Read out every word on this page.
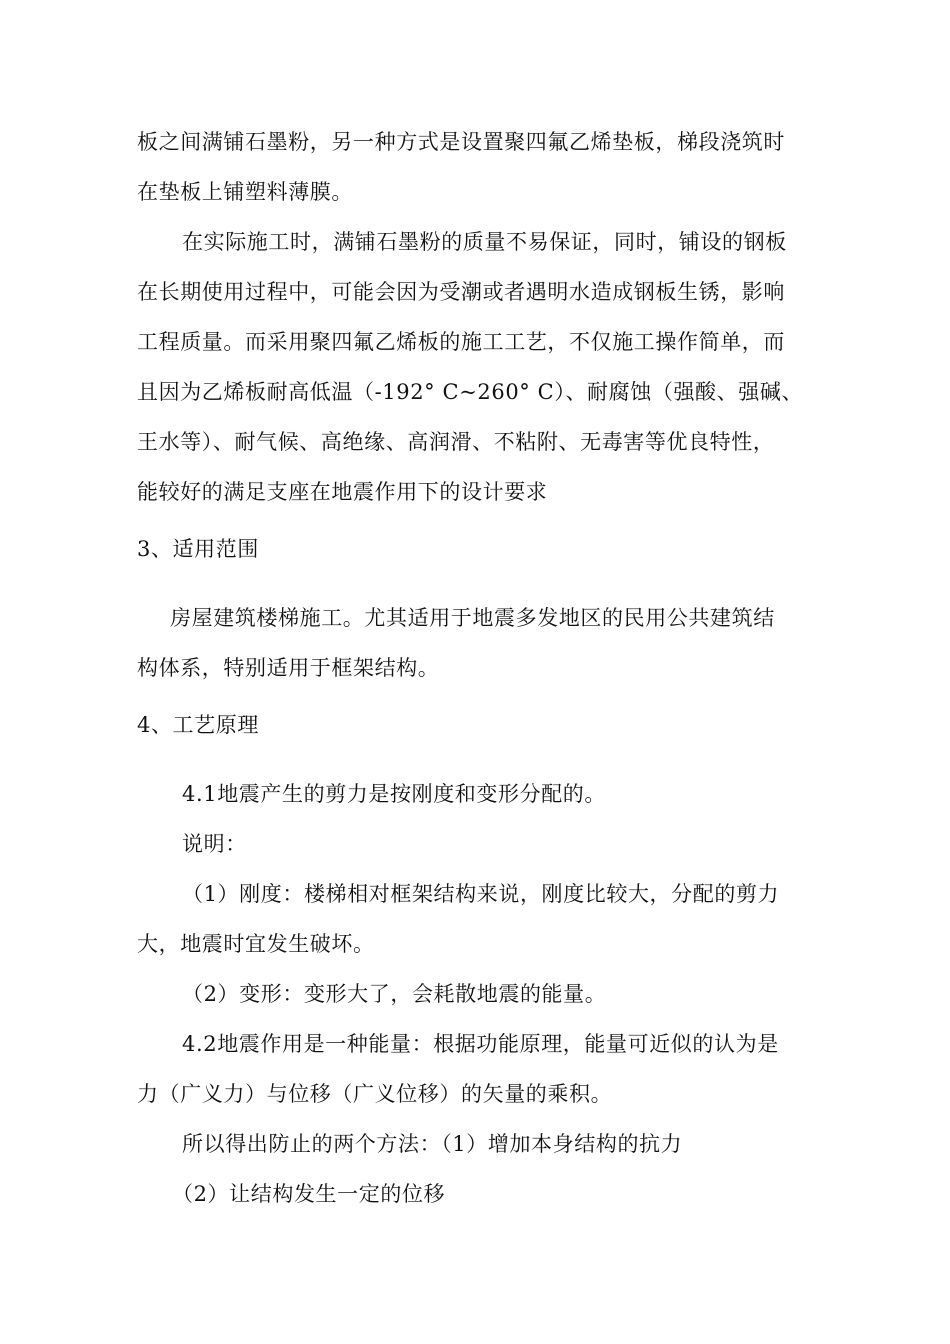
板之间满铺石墨粉，另一种方式是设置聚四氟乙烯垫板，梯段浇筑时

在垫板上铺塑料薄膜。

在实际施工时，满铺石墨粉的质量不易保证，同时，铺设的钢板

在长期使用过程中，可能会因为受潮或者遇明水造成钢板生锈，影响

工程质量。而采用聚四氟乙烯板的施工工艺，不仅施工操作简单，而

且因为乙烯板耐高低温（-192° C~260° C）、耐腐蚀（强酸、强碱、

王水等）、耐气候、高绝缘、高润滑、不粘附、无毒害等优良特性，

能较好的满足支座在地震作用下的设计要求

3、适用范围

房屋建筑楼梯施工。尤其适用于地震多发地区的民用公共建筑结

构体系，特别适用于框架结构。

4、工艺原理

4.1地震产生的剪力是按刚度和变形分配的。

说明：

（1）刚度：楼梯相对框架结构来说，刚度比较大，分配的剪力

大，地震时宜发生破坏。

（2）变形：变形大了，会耗散地震的能量。

4.2地震作用是一种能量：根据功能原理，能量可近似的认为是

力（广义力）与位移（广义位移）的矢量的乘积。

所以得出防止的两个方法：（1）增加本身结构的抗力

（2）让结构发生一定的位移
